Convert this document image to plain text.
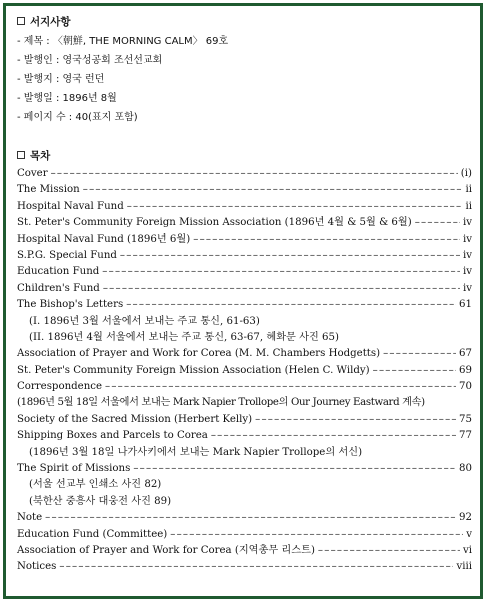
서지사항
- 제목 : 〈朝鮮, THE MORNING CALM〉 69호
- 발행인 : 영국성공회 조선선교회
- 발행지 : 영국 런던
- 발행일 : 1896년 8월
- 페이지 수 : 40(표지 포함)
목차
Cover – – –	(i)
The Mission – – –	ii
Hospital Naval Fund – – –	ii
St. Peter's Community Foreign Mission Association (1896년 4월 & 5월 & 6월) – – –	iv
Hospital Naval Fund (1896년 6월) – – –	iv
S.P.G. Special Fund – – –	iv
Education Fund – – –	iv
Children's Fund – – –	iv
The Bishop's Letters – – –	61
(I. 1896년 3월 서울에서 보내는 주교 통신, 61-63)
(II. 1896년 4월 서울에서 보내는 주교 통신, 63-67, 혜화문 사진 65)
Association of Prayer and Work for Corea (M. M. Chambers Hodgetts) – – –	67
St. Peter's Community Foreign Mission Association (Helen C. Wildy) – – –	69
Correspondence – – –	70
(1896년 5월 18일 서울에서 보내는 Mark Napier Trollope의 Our Journey Eastward 계속)
Society of the Sacred Mission (Herbert Kelly) – – –	75
Shipping Boxes and Parcels to Corea – – –	77
(1896년 3월 18일 나가사키에서 보내는 Mark Napier Trollope의 서신)
The Spirit of Missions – – –	80
(서울 선교부 인쇄소 사진 82)
(북한산 중흥사 대웅전 사진 89)
Note – – –	92
Education Fund (Committee) – – –	v
Association of Prayer and Work for Corea (지역총무 리스트) – – –	vi
Notices – – –	viii
